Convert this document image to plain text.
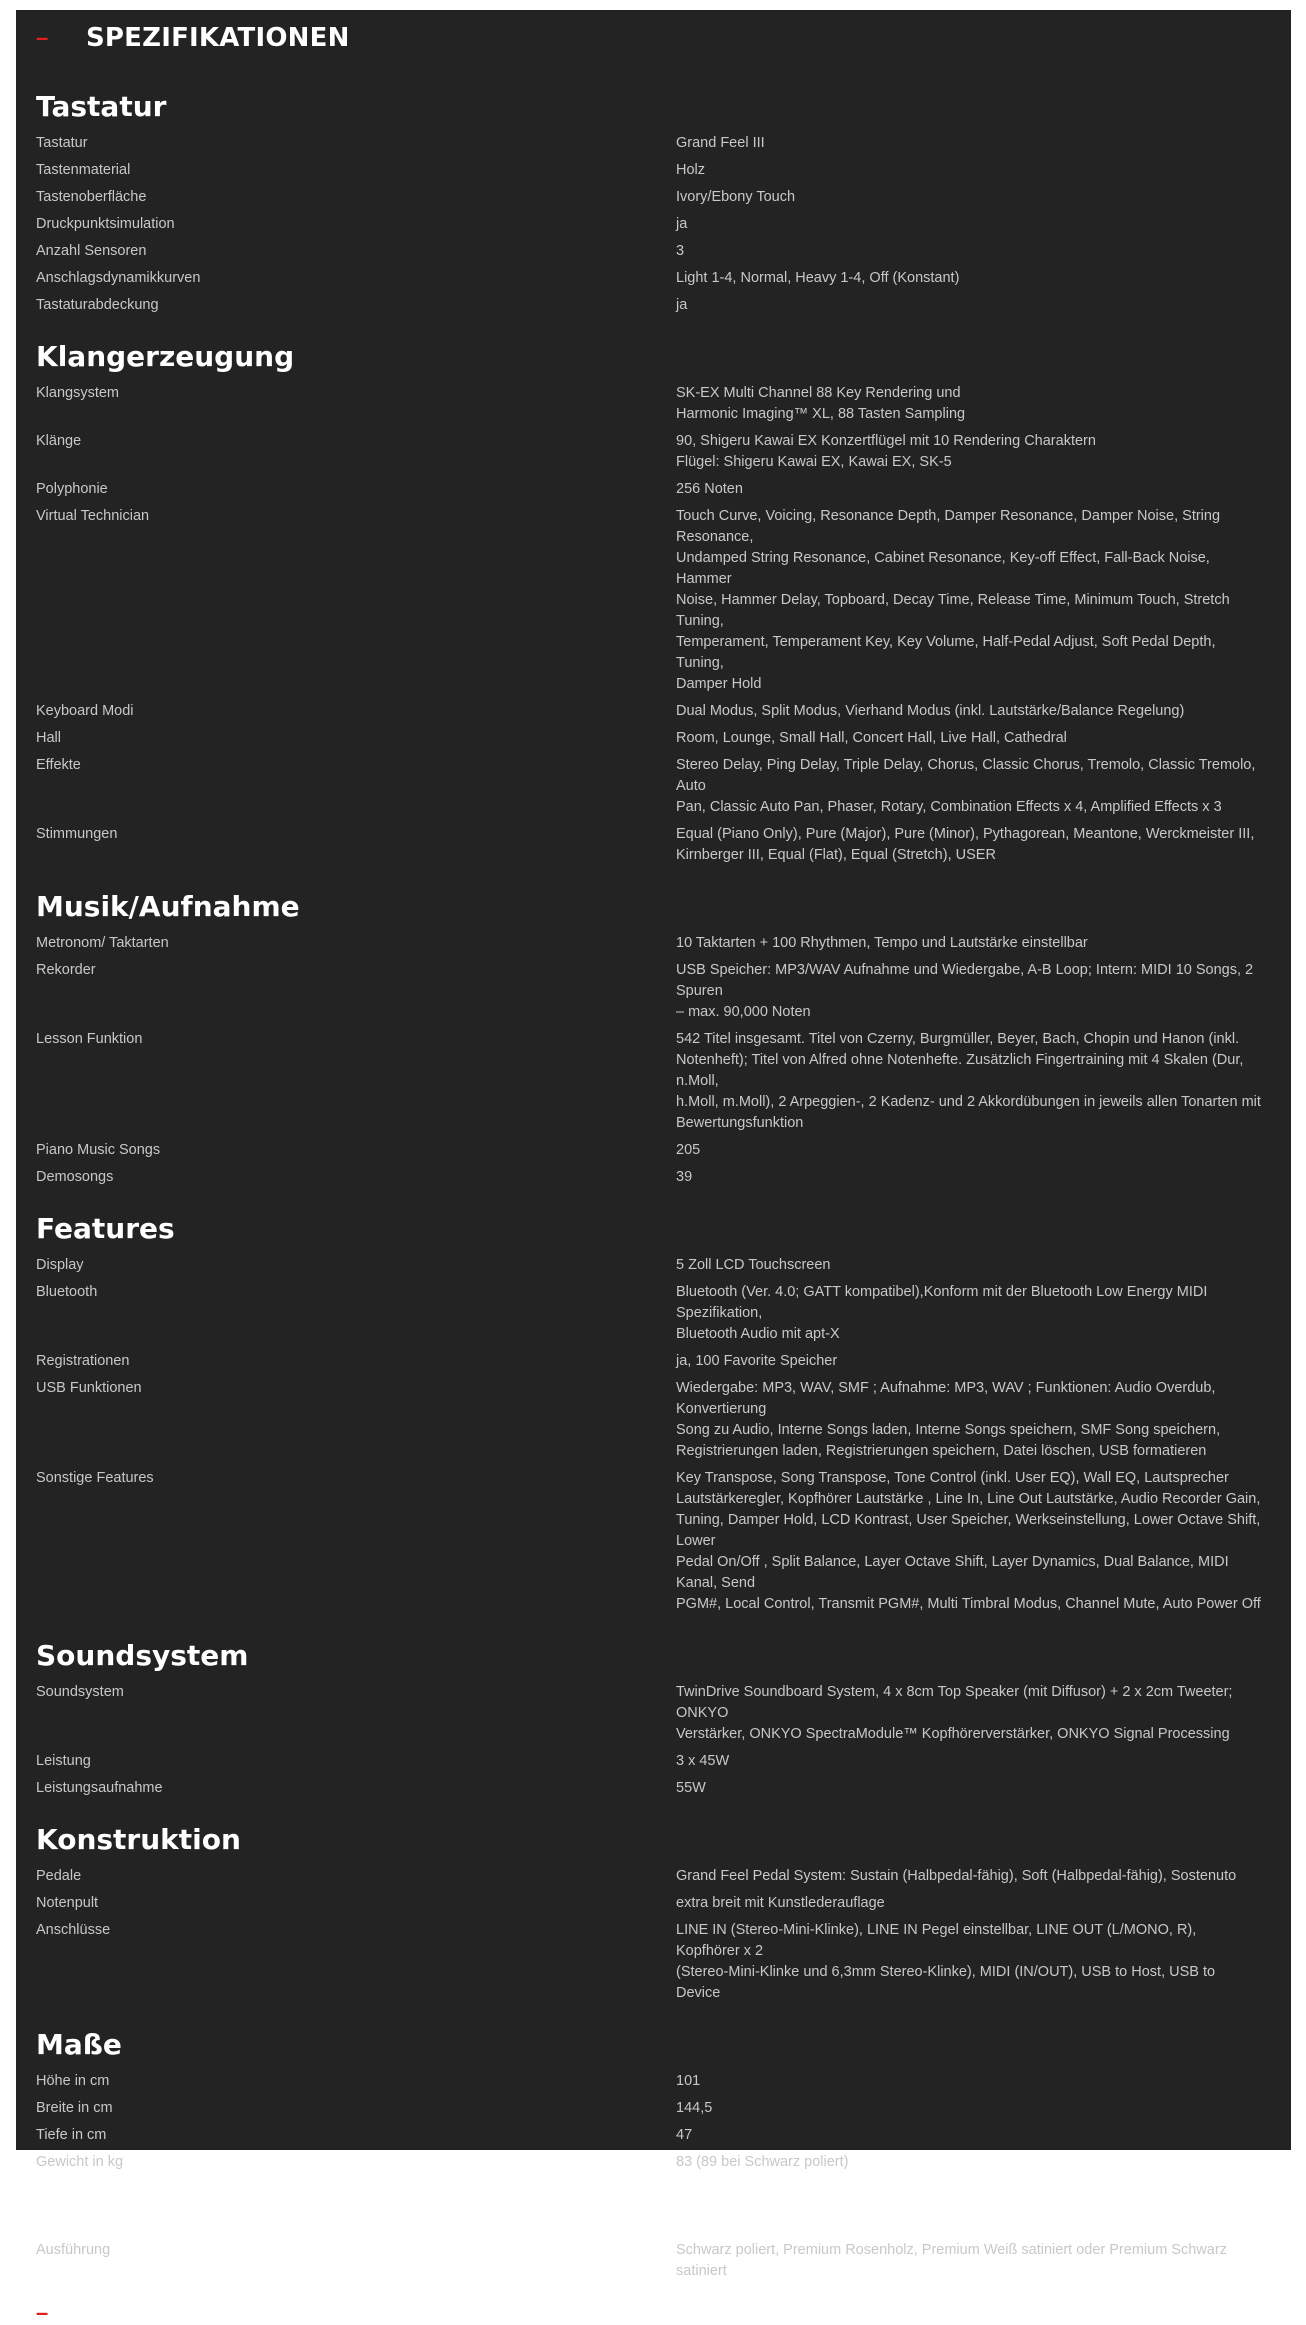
–	SPEZIFIKATIONEN
Tastatur
Tastatur	Grand Feel III
Tastenmaterial	Holz
Tastenoberfläche	Ivory/Ebony Touch
Druckpunktsimulation	ja
Anzahl Sensoren	3
Anschlagsdynamikkurven	Light 1-4, Normal, Heavy 1-4, Off (Konstant)
Tastaturabdeckung	ja
Klangerzeugung
Klangsystem	SK-EX Multi Channel 88 Key Rendering und
Harmonic Imaging™ XL, 88 Tasten Sampling
Klänge	90, Shigeru Kawai EX Konzertflügel mit 10 Rendering Charaktern
Flügel: Shigeru Kawai EX, Kawai EX, SK-5
Polyphonie	256 Noten
Virtual Technician	Touch Curve, Voicing, Resonance Depth, Damper Resonance, Damper Noise, String Resonance,
Undamped String Resonance, Cabinet Resonance, Key-off Effect, Fall-Back Noise, Hammer
Noise, Hammer Delay, Topboard, Decay Time, Release Time, Minimum Touch, Stretch Tuning,
Temperament, Temperament Key, Key Volume, Half-Pedal Adjust, Soft Pedal Depth, Tuning,
Damper Hold
Keyboard Modi	Dual Modus, Split Modus, Vierhand Modus (inkl. Lautstärke/Balance Regelung)
Hall	Room, Lounge, Small Hall, Concert Hall, Live Hall, Cathedral
Effekte	Stereo Delay, Ping Delay, Triple Delay, Chorus, Classic Chorus, Tremolo, Classic Tremolo, Auto
Pan, Classic Auto Pan, Phaser, Rotary, Combination Effects x 4, Amplified Effects x 3
Stimmungen	Equal (Piano Only), Pure (Major), Pure (Minor), Pythagorean, Meantone, Werckmeister III,
Kirnberger III, Equal (Flat), Equal (Stretch), USER
Musik/Aufnahme
Metronom/ Taktarten	10 Taktarten + 100 Rhythmen, Tempo und Lautstärke einstellbar
Rekorder	USB Speicher: MP3/WAV Aufnahme und Wiedergabe, A-B Loop; Intern: MIDI 10 Songs, 2 Spuren
– max. 90,000 Noten
Lesson Funktion	542 Titel insgesamt. Titel von Czerny, Burgmüller, Beyer, Bach, Chopin und Hanon (inkl.
Notenheft); Titel von Alfred ohne Notenhefte. Zusätzlich Fingertraining mit 4 Skalen (Dur, n.Moll,
h.Moll, m.Moll), 2 Arpeggien-, 2 Kadenz- und 2 Akkordübungen in jeweils allen Tonarten mit
Bewertungsfunktion
Piano Music Songs	205
Demosongs	39
Features
Display	5 Zoll LCD Touchscreen
Bluetooth	Bluetooth (Ver. 4.0; GATT kompatibel),Konform mit der Bluetooth Low Energy MIDI Spezifikation,
Bluetooth Audio mit apt-X
Registrationen	ja, 100 Favorite Speicher
USB Funktionen	Wiedergabe: MP3, WAV, SMF ; Aufnahme: MP3, WAV ; Funktionen: Audio Overdub, Konvertierung
Song zu Audio, Interne Songs laden, Interne Songs speichern, SMF Song speichern,
Registrierungen laden, Registrierungen speichern, Datei löschen, USB formatieren
Sonstige Features	Key Transpose, Song Transpose, Tone Control (inkl. User EQ), Wall EQ, Lautsprecher
Lautstärkeregler, Kopfhörer Lautstärke , Line In, Line Out Lautstärke, Audio Recorder Gain,
Tuning, Damper Hold, LCD Kontrast, User Speicher, Werkseinstellung, Lower Octave Shift, Lower
Pedal On/Off , Split Balance, Layer Octave Shift, Layer Dynamics, Dual Balance, MIDI Kanal, Send
PGM#, Local Control, Transmit PGM#, Multi Timbral Modus, Channel Mute, Auto Power Off
Soundsystem
Soundsystem	TwinDrive Soundboard System, 4 x 8cm Top Speaker (mit Diffusor) + 2 x 2cm Tweeter; ONKYO
Verstärker, ONKYO SpectraModule™ Kopfhörerverstärker, ONKYO Signal Processing
Leistung	3 x 45W
Leistungsaufnahme	55W
Konstruktion
Pedale	Grand Feel Pedal System: Sustain (Halbpedal-fähig), Soft (Halbpedal-fähig), Sostenuto
Notenpult	extra breit mit Kunstlederauflage
Anschlüsse	LINE IN (Stereo-Mini-Klinke), LINE IN Pegel einstellbar, LINE OUT (L/MONO, R), Kopfhörer x 2
(Stereo-Mini-Klinke und 6,3mm Stereo-Klinke), MIDI (IN/OUT), USB to Host, USB to Device
Maße
Höhe in cm	101
Breite in cm	144,5
Tiefe in cm	47
Gewicht in kg	83 (89 bei Schwarz poliert)
Farbe
Ausführung	Schwarz poliert, Premium Rosenholz, Premium Weiß satiniert oder Premium Schwarz satiniert
–
